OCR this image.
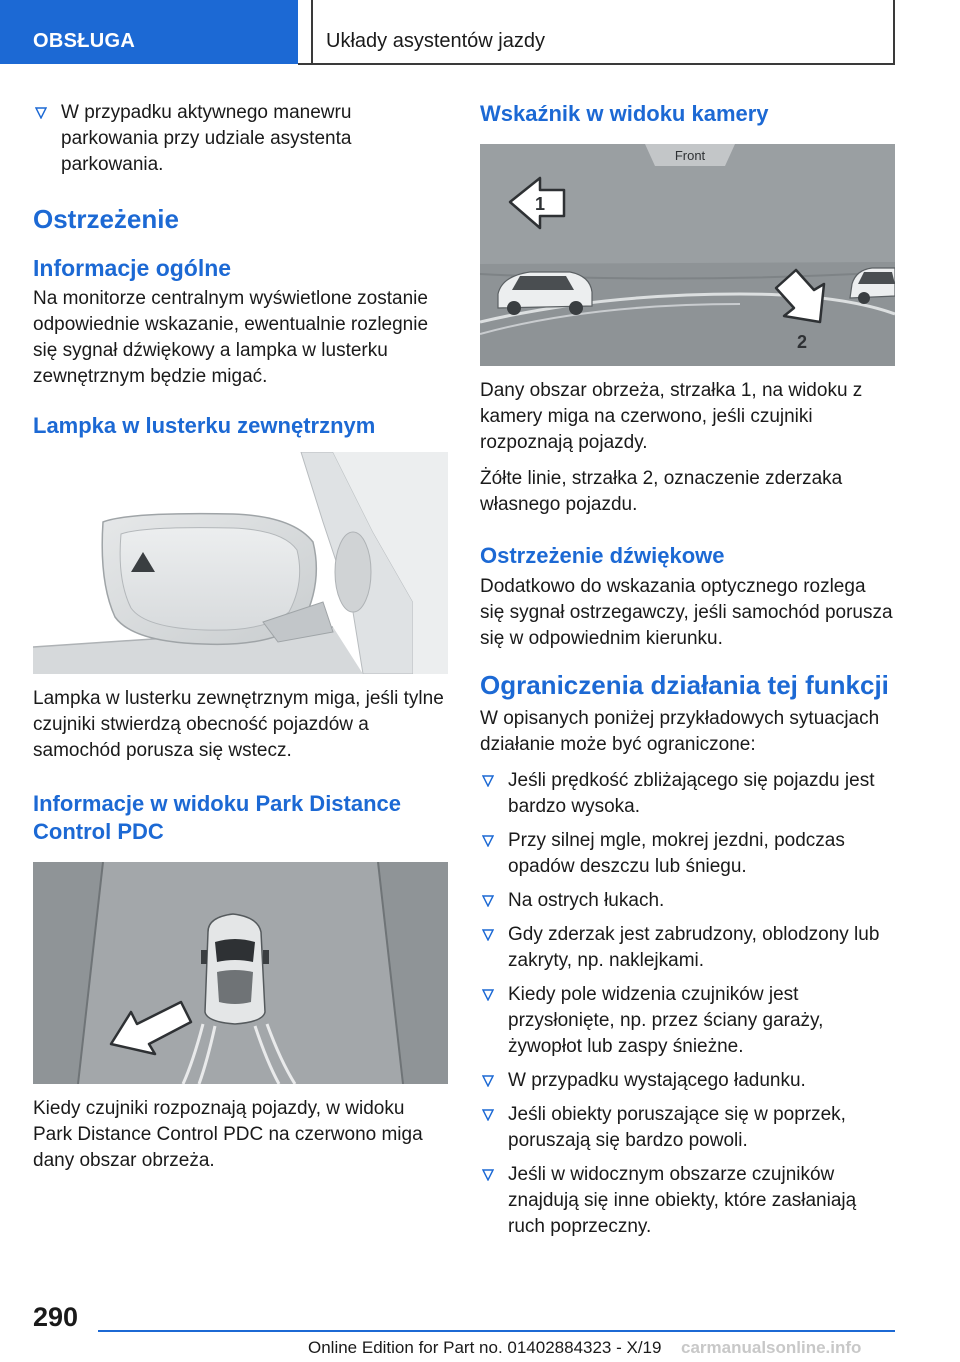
OBSŁUGA	Układy asystentów jazdy
W przypadku aktywnego manewru parkowania przy udziale asystenta parkowania.
Ostrzeżenie
Informacje ogólne
Na monitorze centralnym wyświetlone zostanie odpowiednie wskazanie, ewentualnie rozlegnie się sygnał dźwiękowy a lampka w lusterku zewnętrznym będzie migać.
Lampka w lusterku zewnętrznym
Lampka w lusterku zewnętrznym miga, jeśli tylne czujniki stwierdzą obecność pojazdów a samochód porusza się wstecz.
Informacje w widoku Park Distance Control PDC
Kiedy czujniki rozpoznają pojazdy, w widoku Park Distance Control PDC na czerwono miga dany obszar obrzeża.
Wskaźnik w widoku kamery
Front
1
2
Dany obszar obrzeża, strzałka 1, na widoku z kamery miga na czerwono, jeśli czujniki rozpoznają pojazdy.
Żółte linie, strzałka 2, oznaczenie zderzaka własnego pojazdu.
Ostrzeżenie dźwiękowe
Dodatkowo do wskazania optycznego rozlega się sygnał ostrzegawczy, jeśli samochód porusza się w odpowiednim kierunku.
Ograniczenia działania tej funkcji
W opisanych poniżej przykładowych sytuacjach działanie może być ograniczone:
Jeśli prędkość zbliżającego się pojazdu jest bardzo wysoka.
Przy silnej mgle, mokrej jezdni, podczas opadów deszczu lub śniegu.
Na ostrych łukach.
Gdy zderzak jest zabrudzony, oblodzony lub zakryty, np. naklejkami.
Kiedy pole widzenia czujników jest przysłonięte, np. przez ściany garaży, żywopłot lub zaspy śnieżne.
W przypadku wystającego ładunku.
Jeśli obiekty poruszające się w poprzek, poruszają się bardzo powoli.
Jeśli w widocznym obszarze czujników znajdują się inne obiekty, które zasłaniają ruch poprzeczny.
290
Online Edition for Part no. 01402884323 - X/19 carmanualsonline.info
